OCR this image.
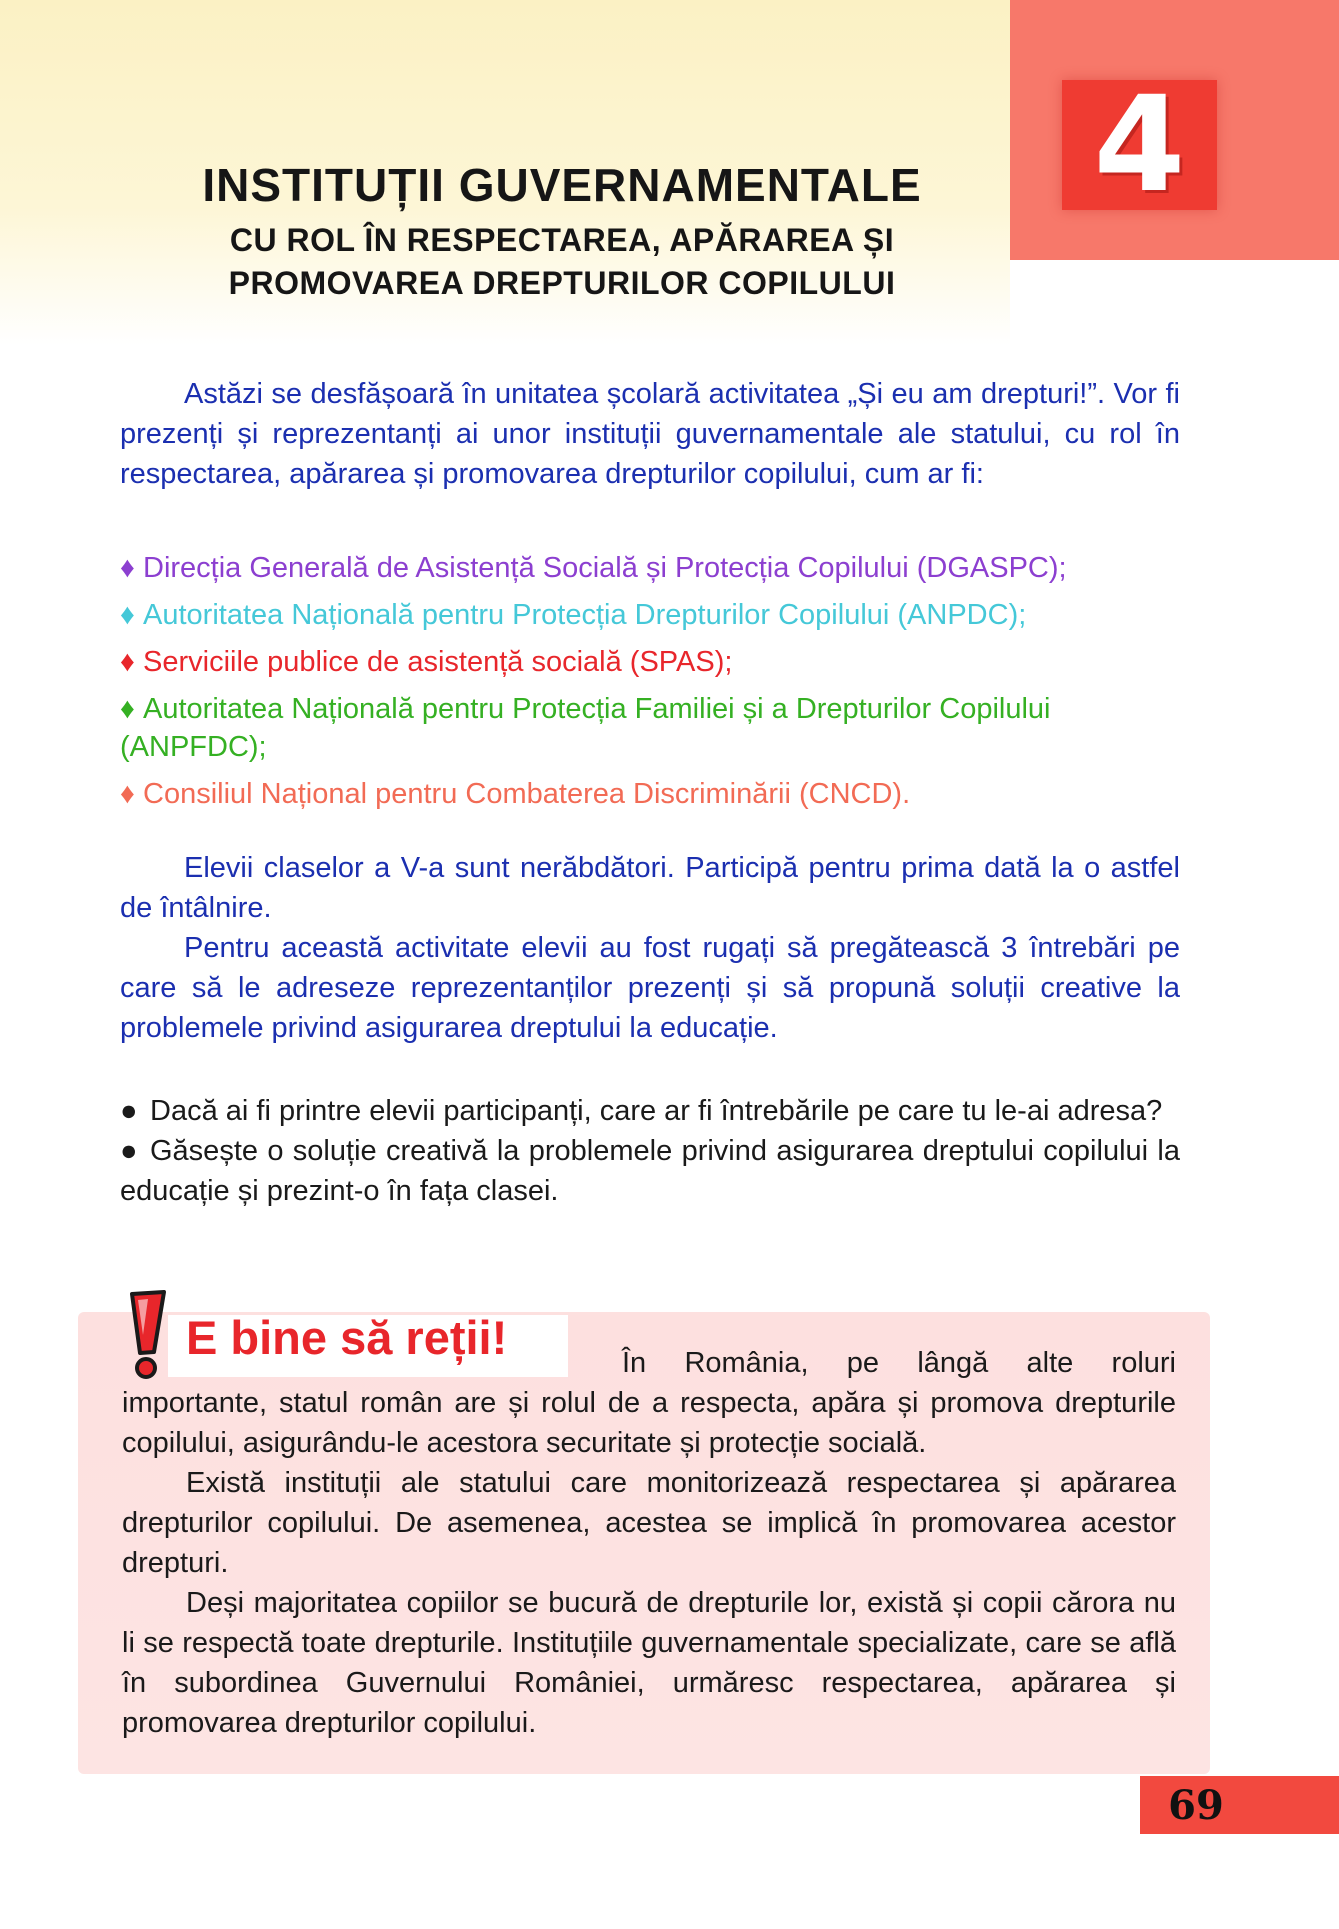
4
INSTITUȚII GUVERNAMENTALE
CU ROL ÎN RESPECTAREA, APĂRAREA ȘI
PROMOVAREA DREPTURILOR COPILULUI

Astăzi se desfășoară în unitatea școlară activitatea „Și eu am drepturi!”. Vor fi prezenți și reprezentanți ai unor instituții guvernamentale ale statului, cu rol în respectarea, apărarea și promovarea drepturilor copilului, cum ar fi:

♦ Direcția Generală de Asistență Socială și Protecția Copilului (DGASPC);
♦ Autoritatea Națională pentru Protecția Drepturilor Copilului (ANPDC);
♦ Serviciile publice de asistență socială (SPAS);
♦ Autoritatea Națională pentru Protecția Familiei și a Drepturilor Copilului (ANPFDC);
♦ Consiliul Național pentru Combaterea Discriminării (CNCD).

Elevii claselor a V-a sunt nerăbdători. Participă pentru prima dată la o astfel de întâlnire.

Pentru această activitate elevii au fost rugați să pregătească 3 întrebări pe care să le adreseze reprezentanților prezenți și să propună soluții creative la problemele privind asigurarea dreptului la educație.

● Dacă ai fi printre elevii participanți, care ar fi întrebările pe care tu le-ai adresa?

● Găsește o soluție creativă la problemele privind asigurarea dreptului copilului la educație și prezint-o în fața clasei.

E bine să reții!	În România, pe lângă alte roluri importante, statul român are și rolul de a respecta, apăra și promova drepturile copilului, asigurându-le acestora securitate și protecție socială.

Există instituții ale statului care monitorizează respectarea și apărarea drepturilor copilului. De asemenea, acestea se implică în promovarea acestor drepturi.

Deși majoritatea copiilor se bucură de drepturile lor, există și copii cărora nu li se respectă toate drepturile. Instituțiile guvernamentale specializate, care se află în subordinea Guvernului României, urmăresc respectarea, apărarea și promovarea drepturilor copilului.

69
